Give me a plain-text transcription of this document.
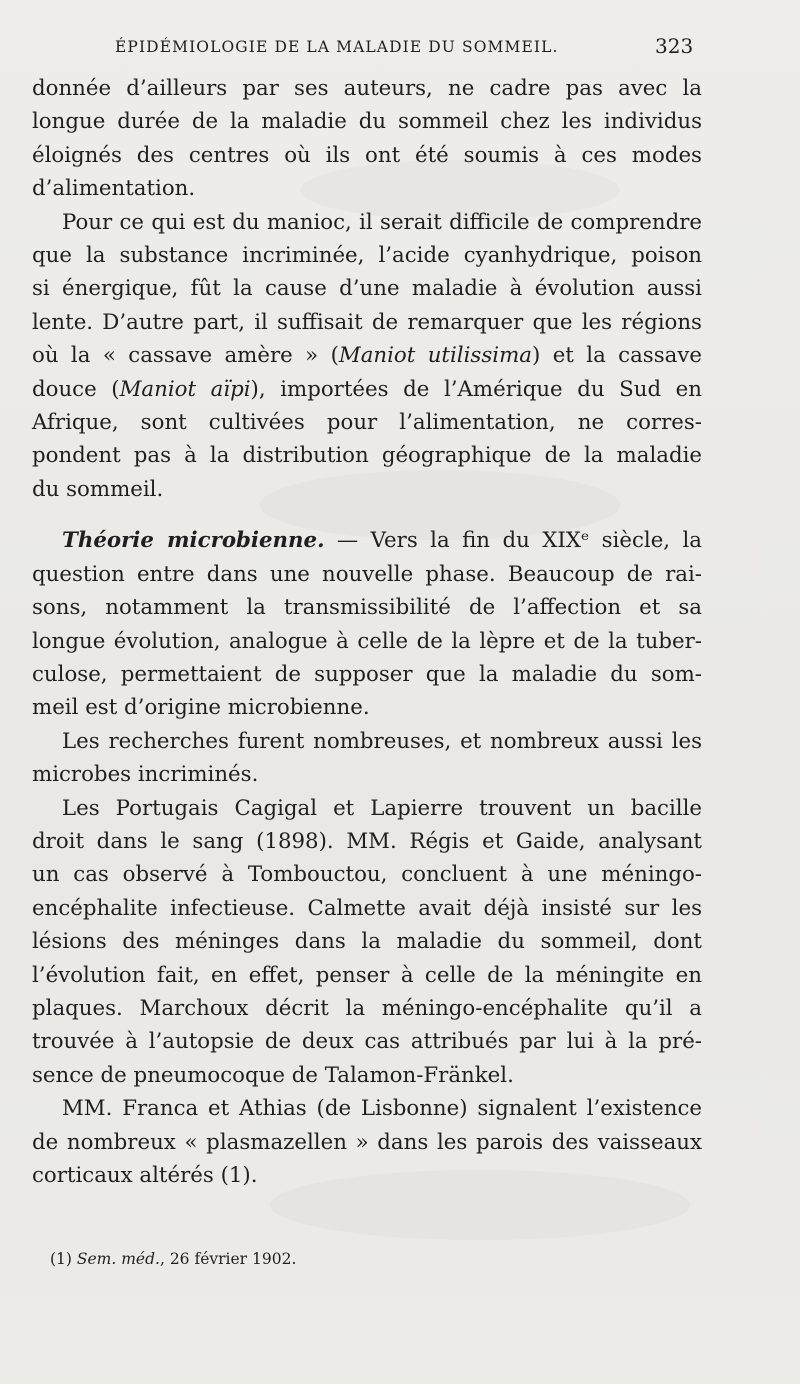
ÉPIDÉMIOLOGIE DE LA MALADIE DU SOMMEIL.	323
donnée d’ailleurs par ses auteurs, ne cadre pas avec la
longue durée de la maladie du sommeil chez les individus
éloignés des centres où ils ont été soumis à ces modes
d’alimentation.
Pour ce qui est du manioc, il serait difficile de comprendre
que la substance incriminée, l’acide cyanhydrique, poison
si énergique, fût la cause d’une maladie à évolution aussi
lente. D’autre part, il suffisait de remarquer que les régions
où la « cassave amère » (Maniot utilissima) et la cassave
douce (Maniot aïpi), importées de l’Amérique du Sud en
Afrique, sont cultivées pour l’alimentation, ne corres-
pondent pas à la distribution géographique de la maladie
du sommeil.
Théorie microbienne. — Vers la fin du XIXᵉ siècle, la
question entre dans une nouvelle phase. Beaucoup de rai-
sons, notamment la transmissibilité de l’affection et sa
longue évolution, analogue à celle de la lèpre et de la tuber-
culose, permettaient de supposer que la maladie du som-
meil est d’origine microbienne.
Les recherches furent nombreuses, et nombreux aussi les
microbes incriminés.
Les Portugais Cagigal et Lapierre trouvent un bacille
droit dans le sang (1898). MM. Régis et Gaide, analysant
un cas observé à Tombouctou, concluent à une méningo-
encéphalite infectieuse. Calmette avait déjà insisté sur les
lésions des méninges dans la maladie du sommeil, dont
l’évolution fait, en effet, penser à celle de la méningite en
plaques. Marchoux décrit la méningo-encéphalite qu’il a
trouvée à l’autopsie de deux cas attribués par lui à la pré-
sence de pneumocoque de Talamon-Fränkel.
MM. Franca et Athias (de Lisbonne) signalent l’existence
de nombreux « plasmazellen » dans les parois des vaisseaux
corticaux altérés (1).
(1) Sem. méd., 26 février 1902.
